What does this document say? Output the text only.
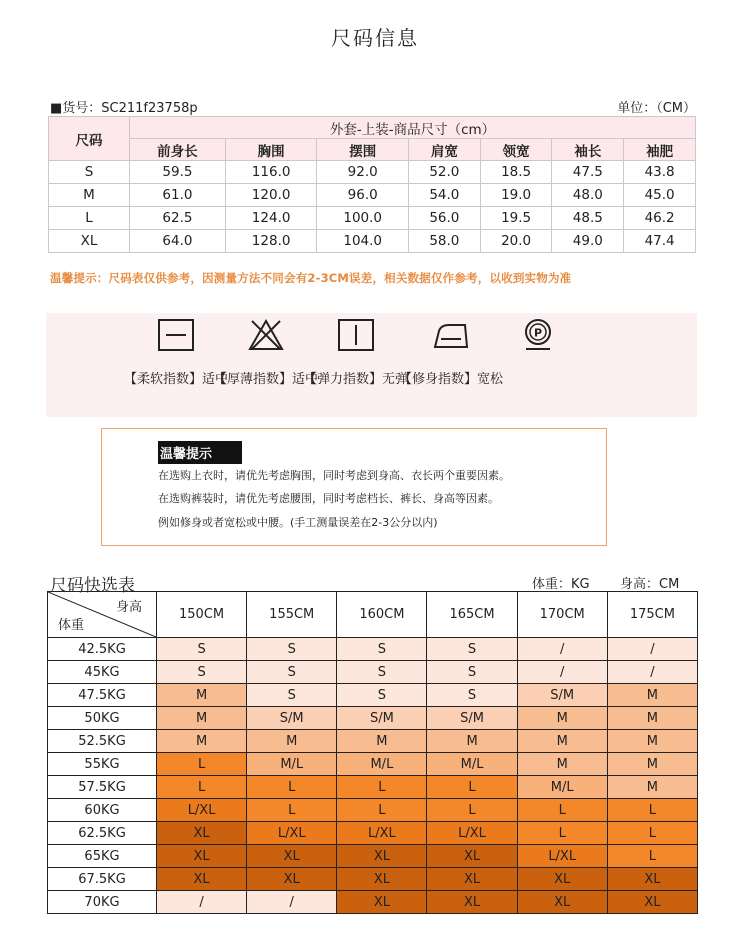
尺码信息
■货号：SC211f23758p	单位：（CM）
尺码	外套-上装-商品尺寸（cm）						
	前身长	胸围	摆围	肩宽	领宽	袖长	袖肥
S	59.5	116.0	92.0	52.0	18.5	47.5	43.8
M	61.0	120.0	96.0	54.0	19.0	48.0	45.0
L	62.5	124.0	100.0	56.0	19.5	48.5	46.2
XL	64.0	128.0	104.0	58.0	20.0	49.0	47.4
温馨提示：尺码表仅供参考，因测量方法不同会有2-3CM误差，相关数据仅作参考，以收到实物为准
【柔软指数】适中
【厚薄指数】适中
【弹力指数】无弹
【修身指数】宽松
P
温馨提示
在选购上衣时，请优先考虑胸围，同时考虑到身高、衣长两个重要因素。
在选购裤装时，请优先考虑腰围，同时考虑档长、裤长、身高等因素。
例如修身或者宽松或中腰。(手工测量误差在2-3公分以内)
尺码快选表	体重：KG 身高：CM
身高
体重	150CM	155CM	160CM	165CM	170CM	175CM
42.5KG	S	S	S	S	/	/
45KG	S	S	S	S	/	/
47.5KG	M	S	S	S	S/M	M
50KG	M	S/M	S/M	S/M	M	M
52.5KG	M	M	M	M	M	M
55KG	L	M/L	M/L	M/L	M	M
57.5KG	L	L	L	L	M/L	M
60KG	L/XL	L	L	L	L	L
62.5KG	XL	L/XL	L/XL	L/XL	L	L
65KG	XL	XL	XL	XL	L/XL	L
67.5KG	XL	XL	XL	XL	XL	XL
70KG	/	/	XL	XL	XL	XL
